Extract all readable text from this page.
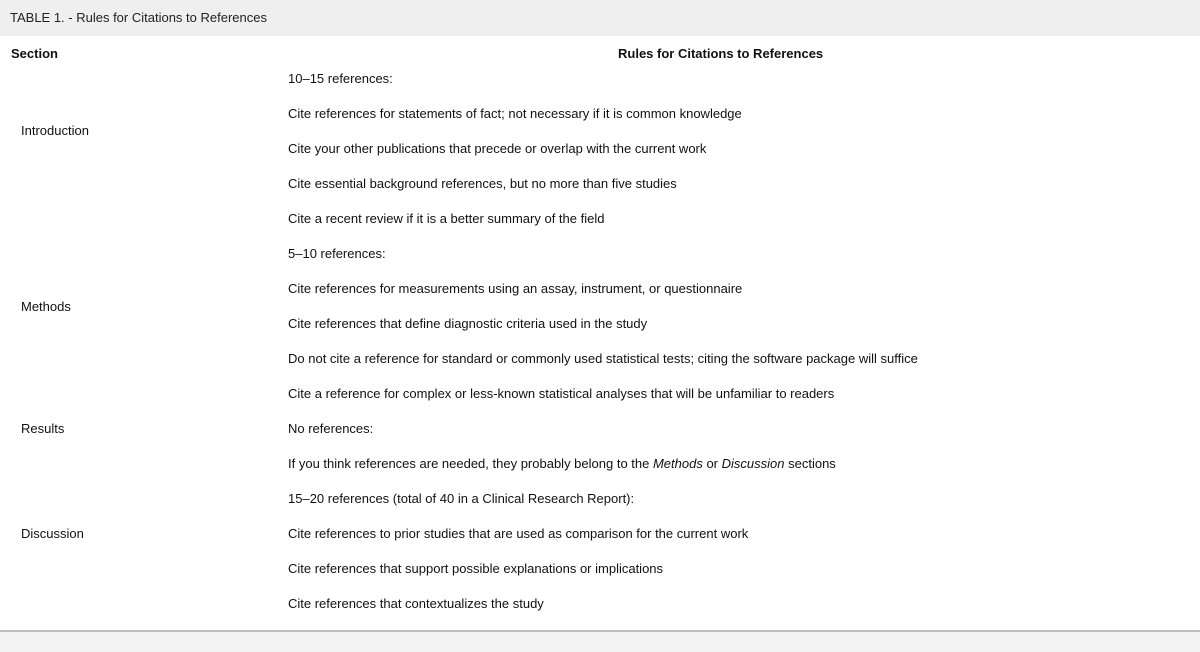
TABLE 1. - Rules for Citations to References
Section	Rules for Citations to References
Introduction
10–15 references:
Cite references for statements of fact; not necessary if it is common knowledge
Cite your other publications that precede or overlap with the current work
Cite essential background references, but no more than five studies
Cite a recent review if it is a better summary of the field
Methods
5–10 references:
Cite references for measurements using an assay, instrument, or questionnaire
Cite references that define diagnostic criteria used in the study
Do not cite a reference for standard or commonly used statistical tests; citing the software package will suffice
Cite a reference for complex or less-known statistical analyses that will be unfamiliar to readers
Results	No references:
If you think references are needed, they probably belong to the Methods or Discussion sections
Discussion
15–20 references (total of 40 in a Clinical Research Report):
Cite references to prior studies that are used as comparison for the current work
Cite references that support possible explanations or implications
Cite references that contextualizes the study
